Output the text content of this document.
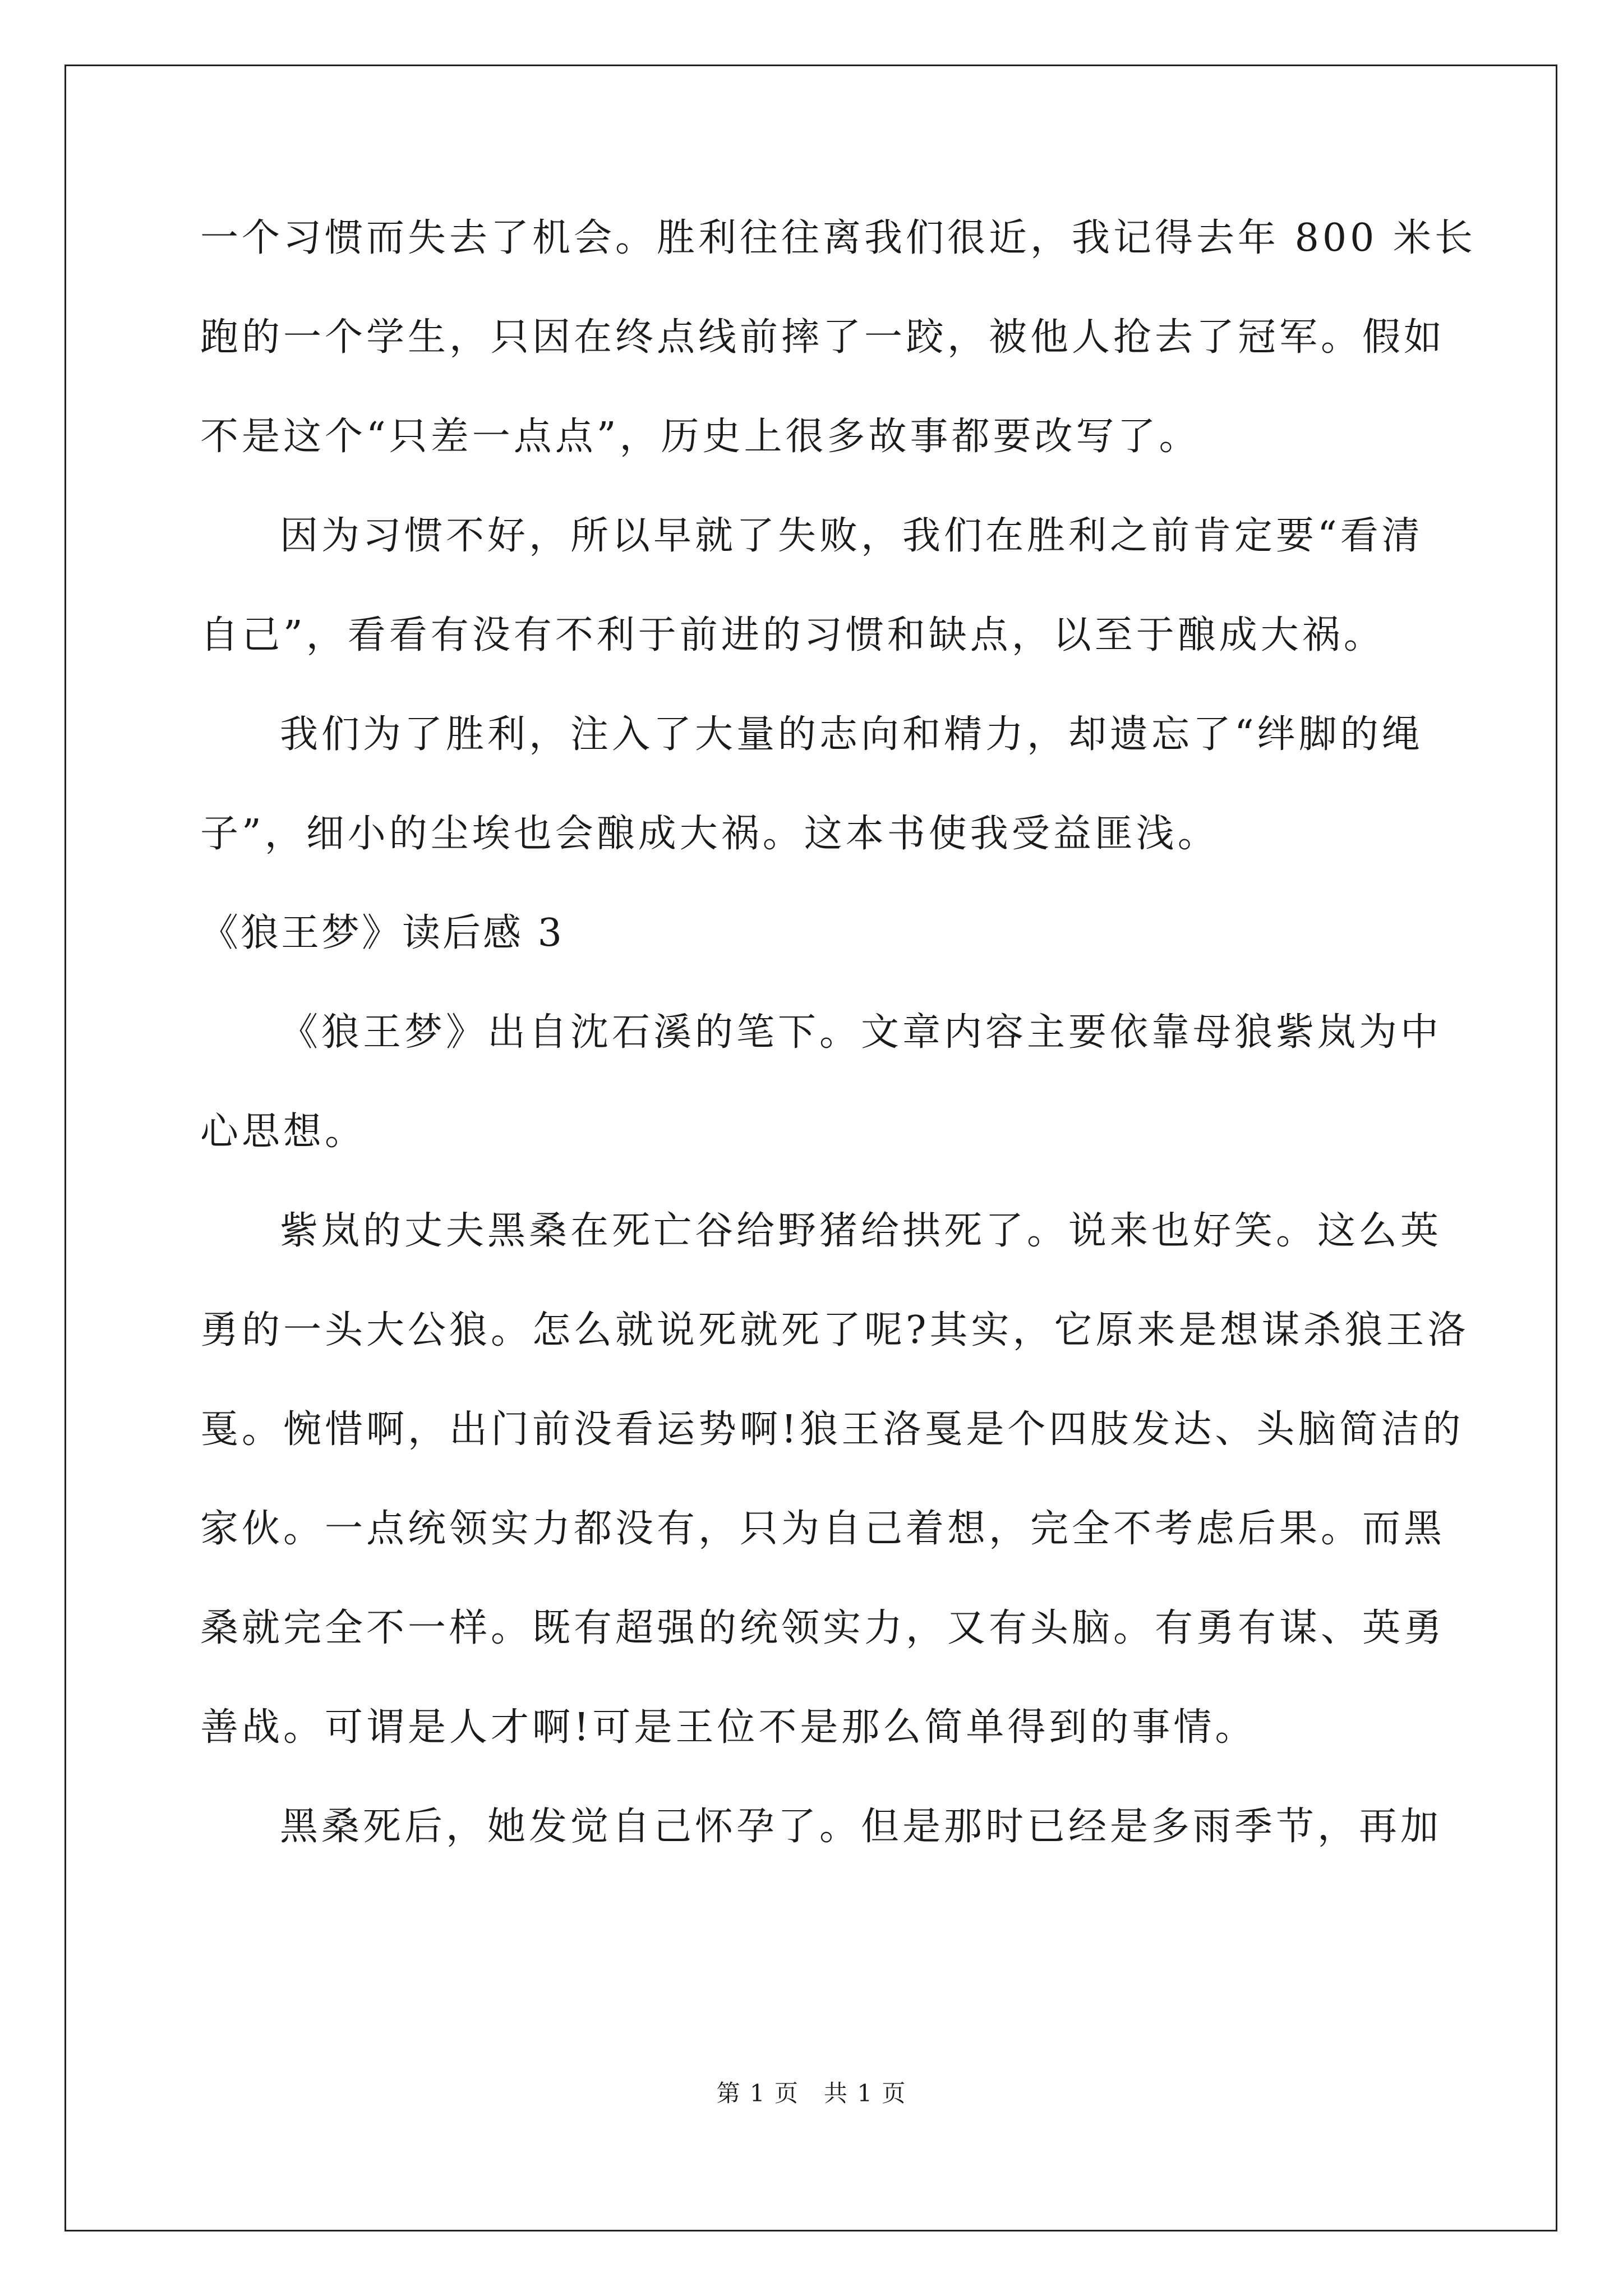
一个习惯而失去了机会。胜利往往离我们很近，我记得去年 800 米长
跑的一个学生，只因在终点线前摔了一跤，被他人抢去了冠军。假如
不是这个“只差一点点”，历史上很多故事都要改写了。
因为习惯不好，所以早就了失败，我们在胜利之前肯定要“看清
自己”，看看有没有不利于前进的习惯和缺点，以至于酿成大祸。
我们为了胜利，注入了大量的志向和精力，却遗忘了“绊脚的绳
子”，细小的尘埃也会酿成大祸。这本书使我受益匪浅。
《狼王梦》读后感 3
《狼王梦》出自沈石溪的笔下。文章内容主要依靠母狼紫岚为中
心思想。
紫岚的丈夫黑桑在死亡谷给野猪给拱死了。说来也好笑。这么英
勇的一头大公狼。怎么就说死就死了呢?其实，它原来是想谋杀狼王洛
戛。惋惜啊，出门前没看运势啊!狼王洛戛是个四肢发达、头脑简洁的
家伙。一点统领实力都没有，只为自己着想，完全不考虑后果。而黑
桑就完全不一样。既有超强的统领实力，又有头脑。有勇有谋、英勇
善战。可谓是人才啊!可是王位不是那么简单得到的事情。
黑桑死后，她发觉自己怀孕了。但是那时已经是多雨季节，再加
第 1 页　共 1 页
